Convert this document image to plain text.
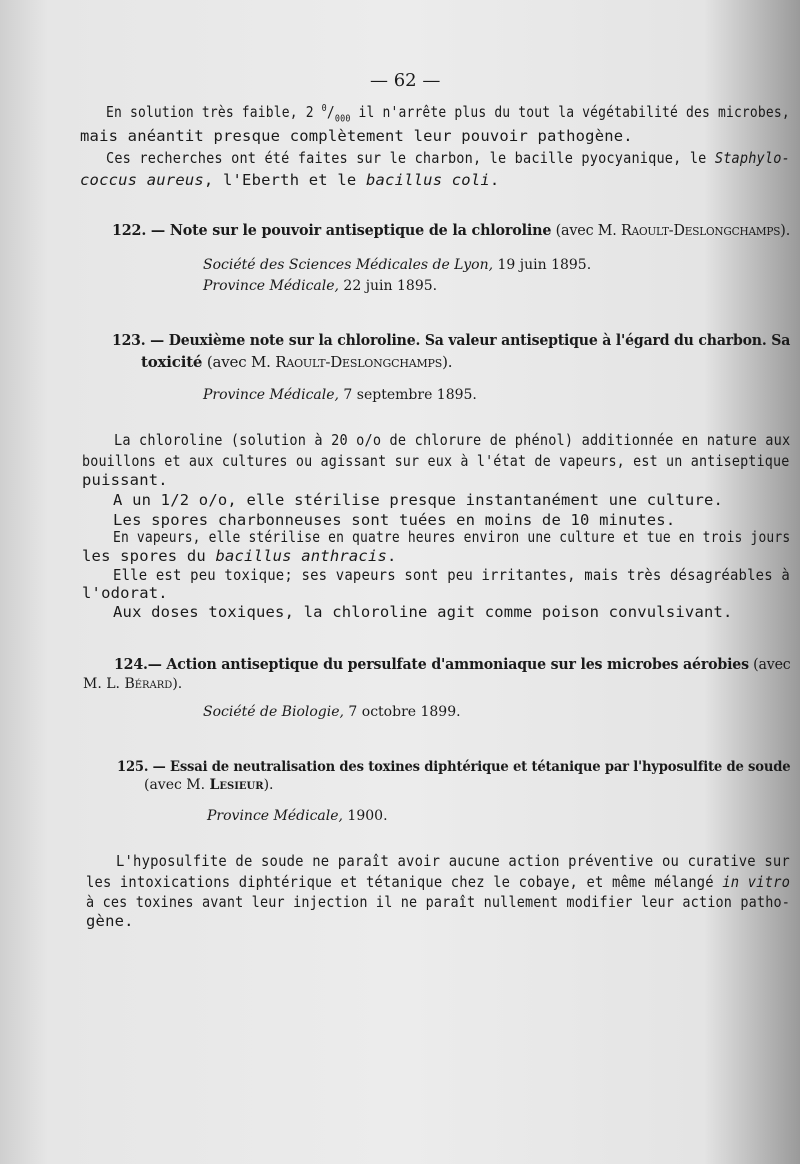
— 62 —
En solution très faible, 2 $^0/_{000}$ il n'arrête plus du tout la végétabilité des microbes,
mais anéantit presque complètement leur pouvoir pathogène.
Ces recherches ont été faites sur le charbon, le bacille pyocyanique, le Staphylo-
coccus aureus, l'Eberth et le bacillus coli.
122. — Note sur le pouvoir antiseptique de la chloroline (avec M. Raoult-Deslongchamps).
Société des Sciences Médicales de Lyon, 19 juin 1895.
Province Médicale, 22 juin 1895.
123. — Deuxième note sur la chloroline. Sa valeur antiseptique à l'égard du charbon. Sa
toxicité (avec M. Raoult-Deslongchamps).
Province Médicale, 7 septembre 1895.
La chloroline (solution à 20 o/o de chlorure de phénol) additionnée en nature aux
bouillons et aux cultures ou agissant sur eux à l'état de vapeurs, est un antiseptique
puissant.
A un 1/2 o/o, elle stérilise presque instantanément une culture.
Les spores charbonneuses sont tuées en moins de 10 minutes.
En vapeurs, elle stérilise en quatre heures environ une culture et tue en trois jours
les spores du bacillus anthracis.
Elle est peu toxique; ses vapeurs sont peu irritantes, mais très désagréables à
l'odorat.
Aux doses toxiques, la chloroline agit comme poison convulsivant.
124.— Action antiseptique du persulfate d'ammoniaque sur les microbes aérobies (avec
M. L. Bérard).
Société de Biologie, 7 octobre 1899.
125. — Essai de neutralisation des toxines diphtérique et tétanique par l'hyposulfite de soude
(avec M. Lesieur).
Province Médicale, 1900.
L'hyposulfite de soude ne paraît avoir aucune action préventive ou curative sur
les intoxications diphtérique et tétanique chez le cobaye, et même mélangé in vitro
à ces toxines avant leur injection il ne paraît nullement modifier leur action patho-
gène.
